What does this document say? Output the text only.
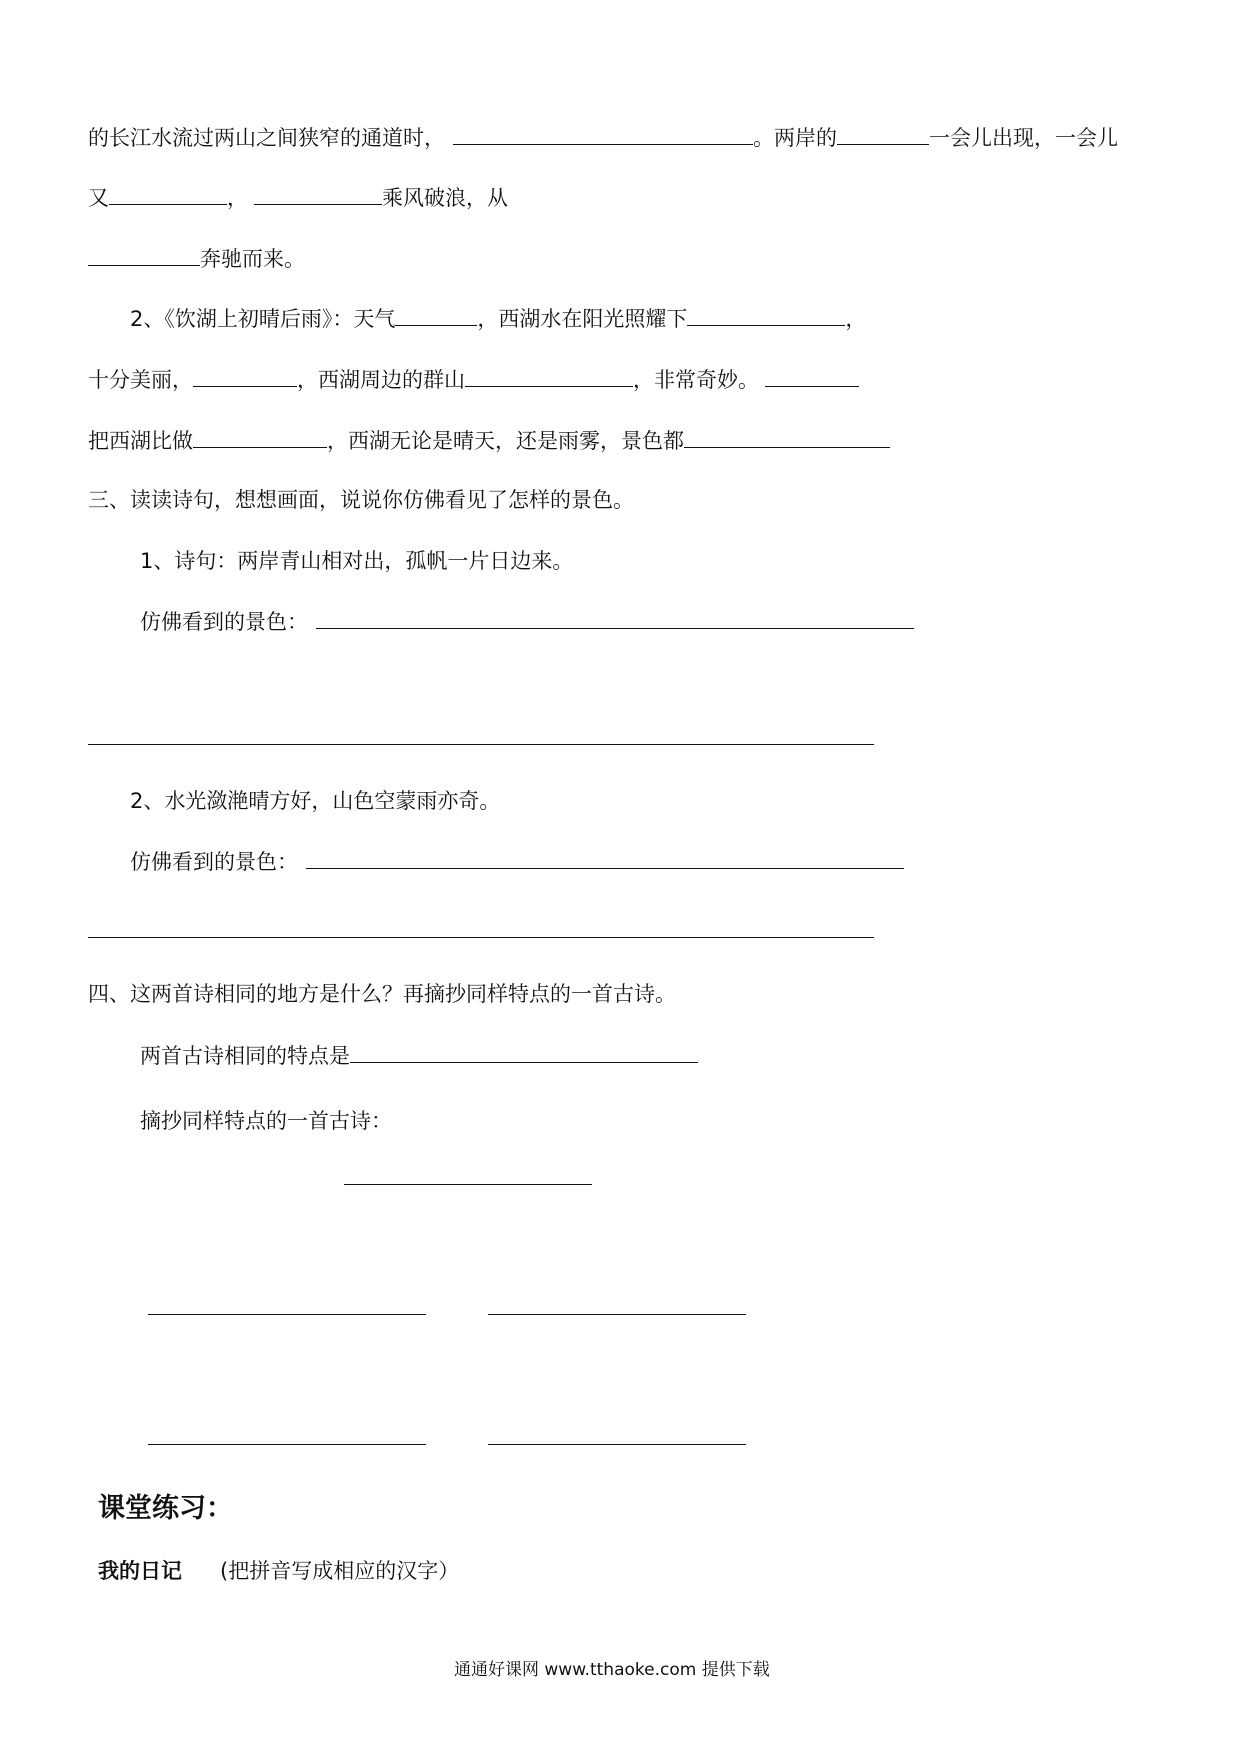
的长江水流过两山之间狭窄的通道时，	。两岸的	一会儿出现，一会儿
又	，	乘风破浪，从
奔驰而来。
2、《饮湖上初晴后雨》：天气	，西湖水在阳光照耀下	，
十分美丽，	，西湖周边的群山	，非常奇妙。
把西湖比做	，西湖无论是晴天，还是雨雾，景色都
三、读读诗句，想想画面，说说你仿佛看见了怎样的景色。
1、诗句：两岸青山相对出，孤帆一片日边来。
仿佛看到的景色：
2、水光潋滟晴方好，山色空蒙雨亦奇。
仿佛看到的景色：
四、这两首诗相同的地方是什么？再摘抄同样特点的一首古诗。
两首古诗相同的特点是
摘抄同样特点的一首古诗：
课堂练习：
我的日记 (把拼音写成相应的汉字）
通通好课网 www.tthaoke.com 提供下载
